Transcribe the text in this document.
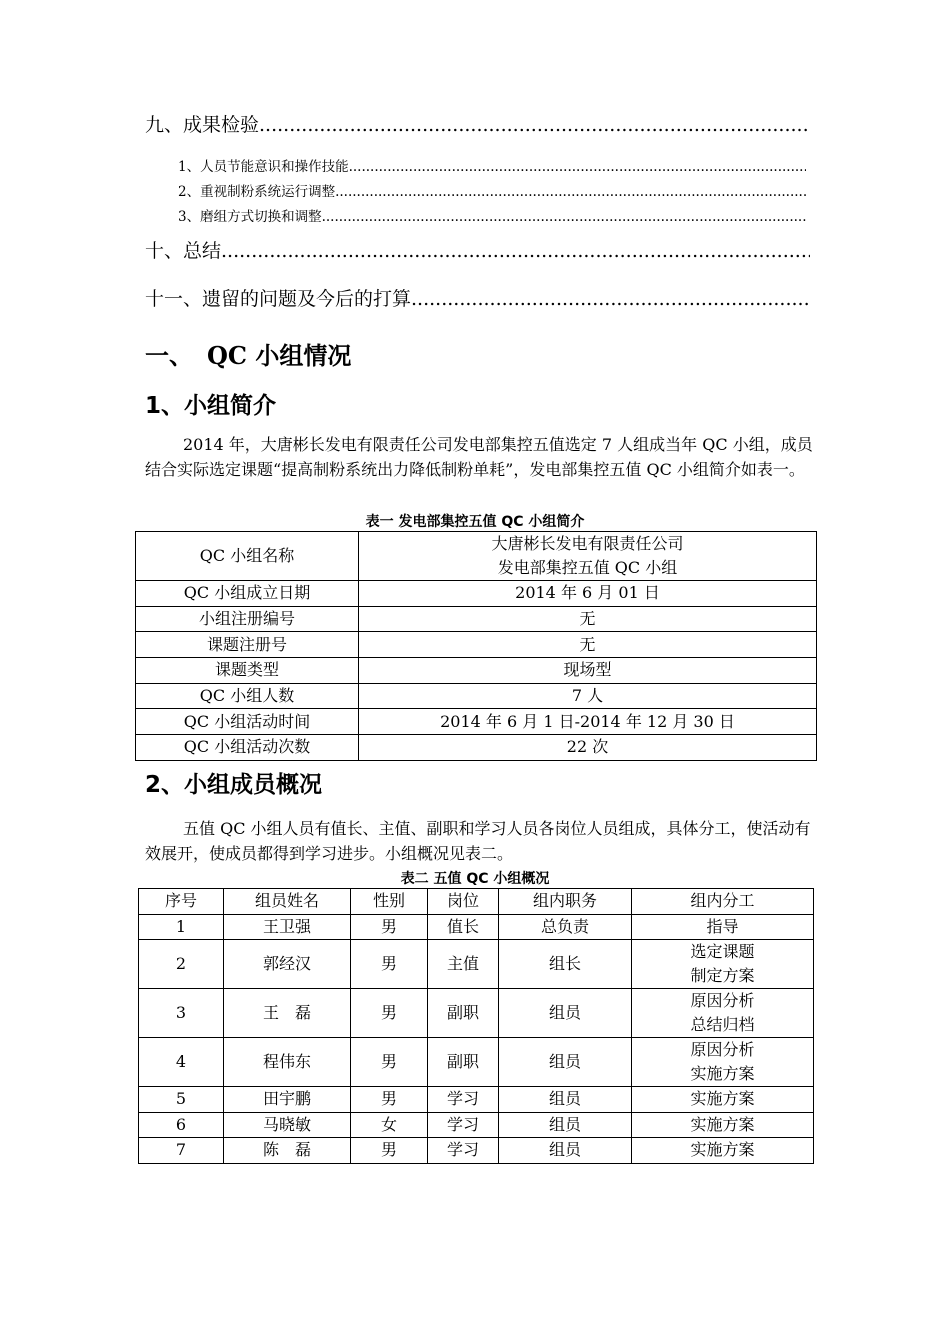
九、成果检验
.....
1、人员节能意识和操作技能
.....
2、重视制粉系统运行调整
.....
3、磨组方式切换和调整
.....
十、总结
.....
十一、遗留的问题及今后的打算
.....
一、 QC 小组情况
1、小组简介
2014 年，大唐彬长发电有限责任公司发电部集控五值选定 7 人组成当年 QC 小组，成员结合实际选定课题“提高制粉系统出力降低制粉单耗”，发电部集控五值 QC 小组简介如表一。
表一 发电部集控五值 QC 小组简介
QC 小组名称	大唐彬长发电有限责任公司
发电部集控五值 QC 小组

QC 小组成立日期	2014 年 6 月 01 日
小组注册编号	无
课题注册号	无
课题类型	现场型
QC 小组人数	7 人
QC 小组活动时间	2014 年 6 月 1 日-2014 年 12 月 30 日
QC 小组活动次数	22 次
2、小组成员概况
五值 QC 小组人员有值长、主值、副职和学习人员各岗位人员组成，具体分工，使活动有效展开，使成员都得到学习进步。小组概况见表二。
表二 五值 QC 小组概况
序号	组员姓名	性别	岗位	组内职务	组内分工
1	王卫强	男	值长	总负责	指导
2	郭经汉	男	主值	组长	选定课题
制定方案

3	王　磊	男	副职	组员	原因分析
总结归档

4	程伟东	男	副职	组员	原因分析
实施方案

5	田宇鹏	男	学习	组员	实施方案
6	马晓敏	女	学习	组员	实施方案
7	陈　磊	男	学习	组员	实施方案
